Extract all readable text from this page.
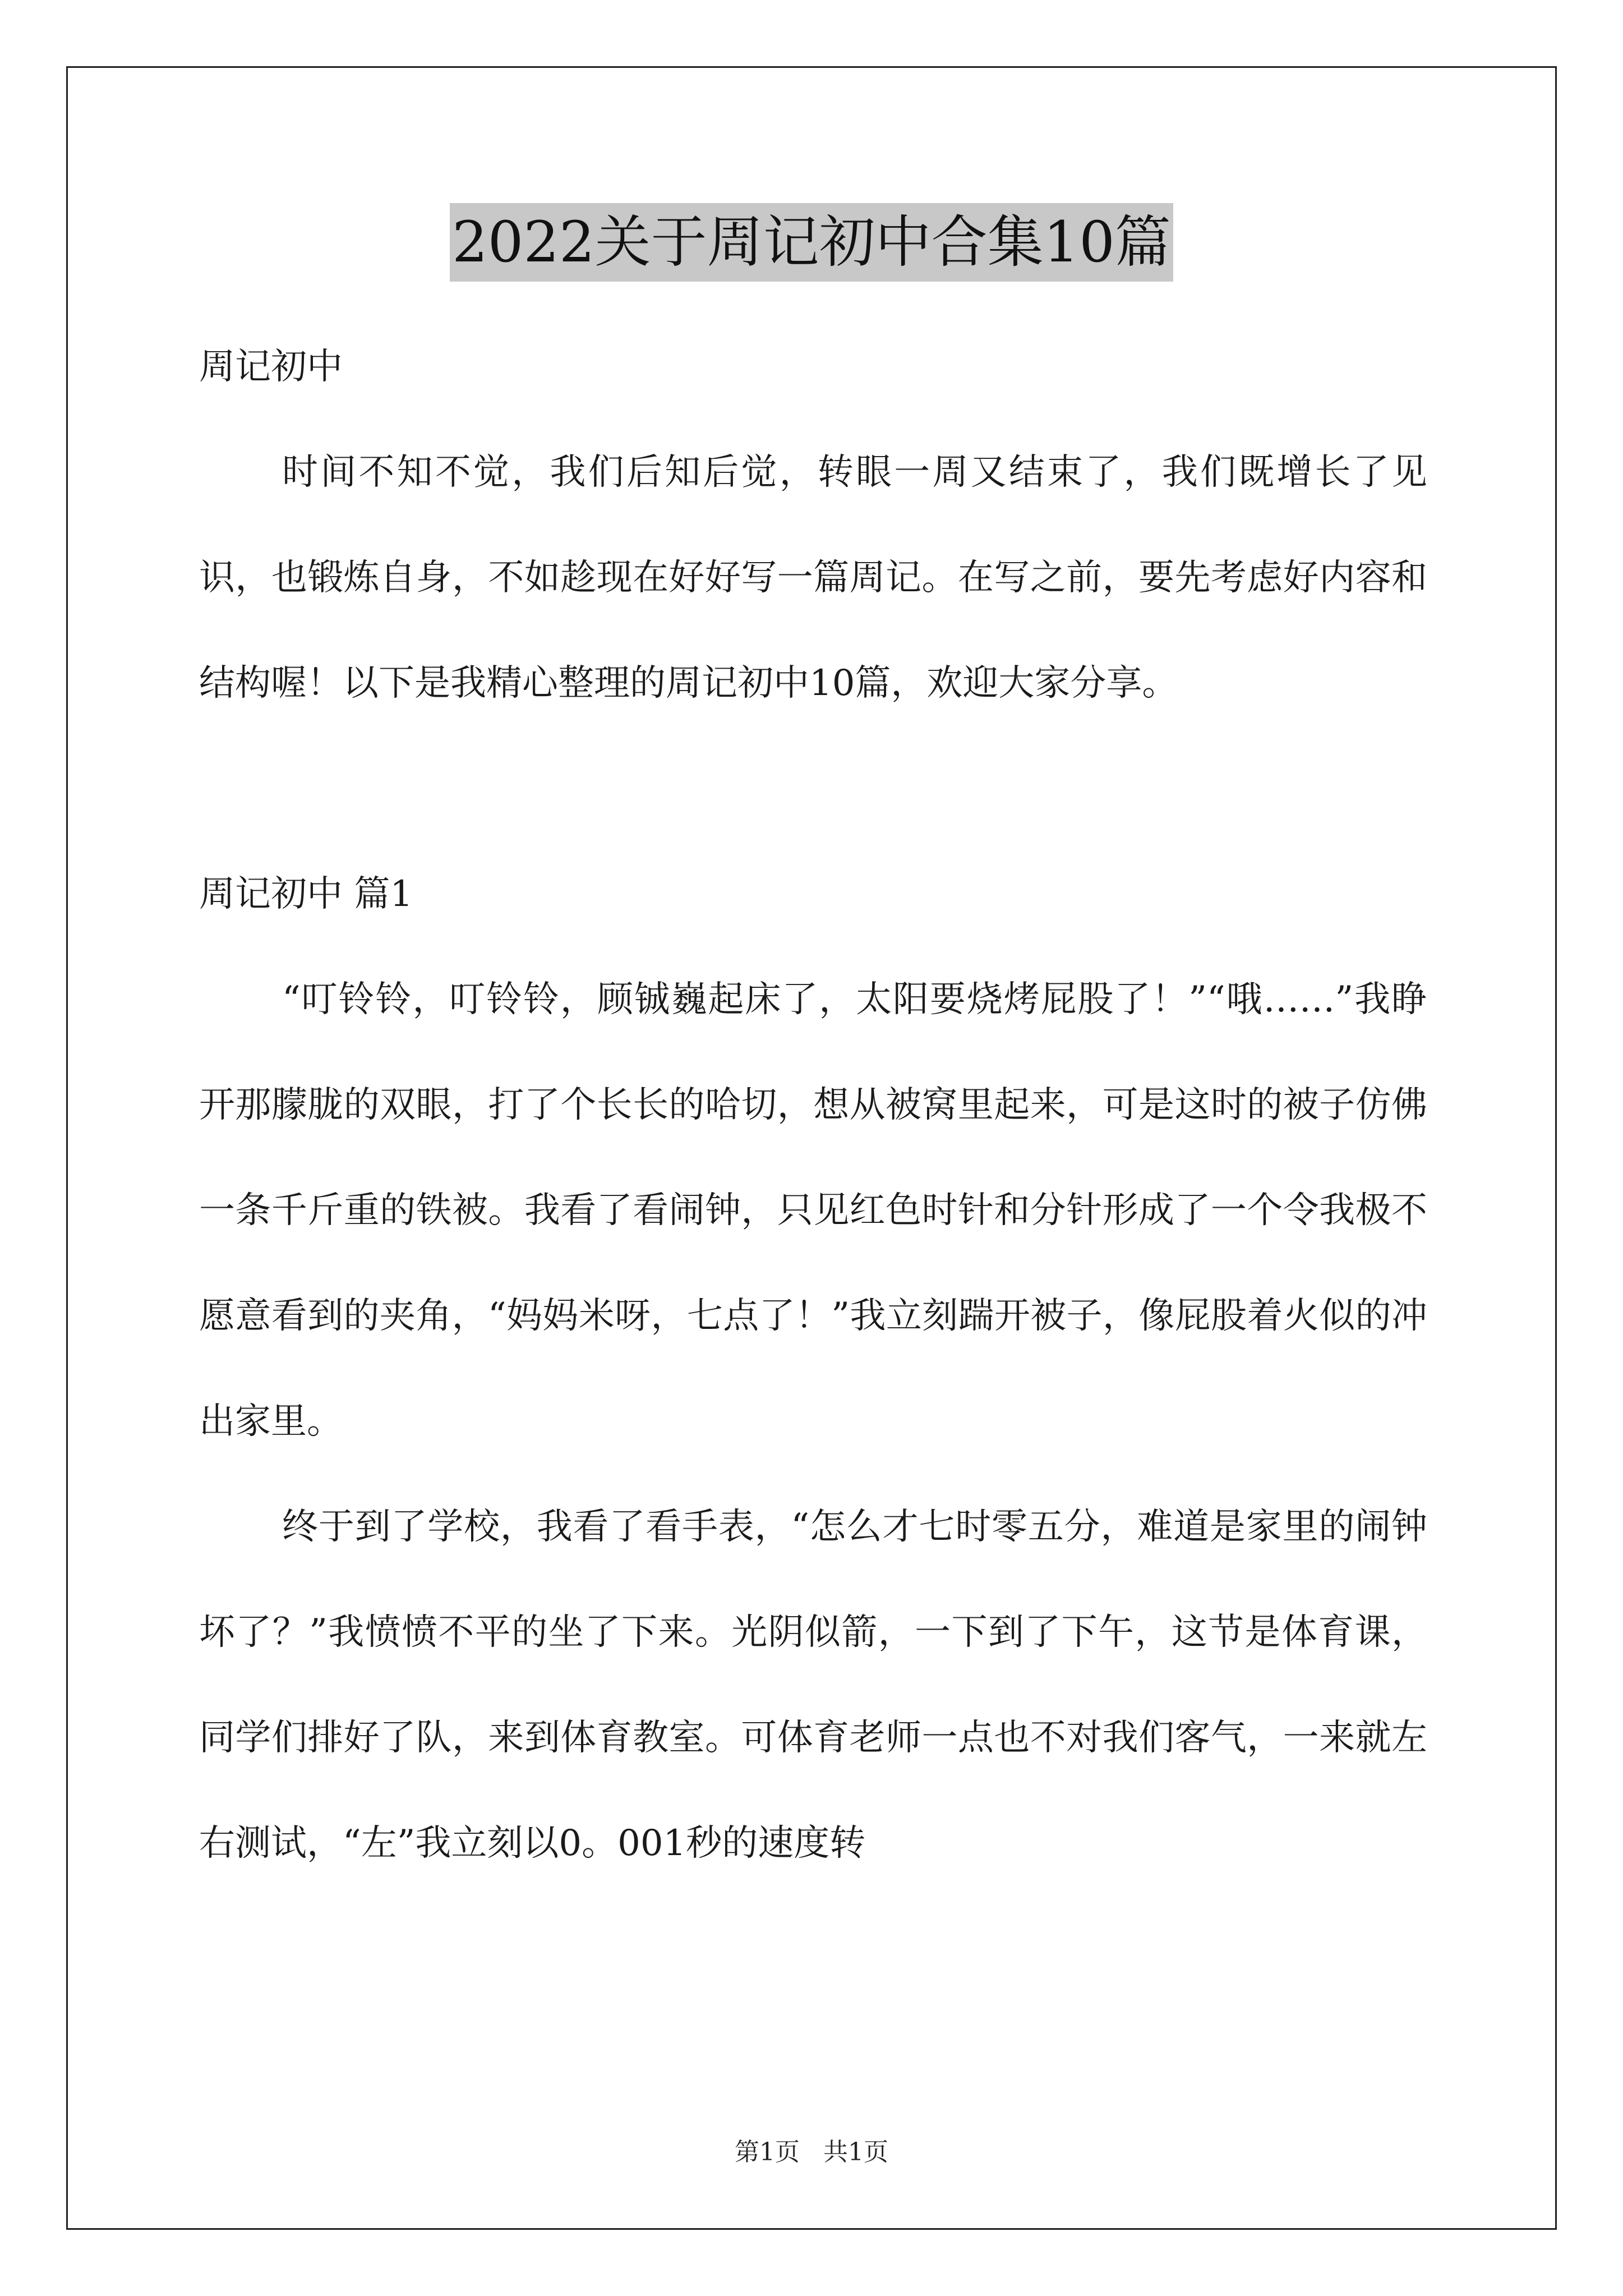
2022关于周记初中合集10篇

周记初中

时间不知不觉，我们后知后觉，转眼一周又结束了，我们既增长了见识，也锻炼自身，不如趁现在好好写一篇周记。在写之前，要先考虑好内容和结构喔！以下是我精心整理的周记初中10篇，欢迎大家分享。

周记初中 篇1

“叮铃铃，叮铃铃，顾铖巍起床了，太阳要烧烤屁股了！”“哦……”我睁开那朦胧的双眼，打了个长长的哈切，想从被窝里起来，可是这时的被子仿佛一条千斤重的铁被。我看了看闹钟，只见红色时针和分针形成了一个令我极不愿意看到的夹角，“妈妈米呀，七点了！”我立刻踹开被子，像屁股着火似的冲出家里。

终于到了学校，我看了看手表，“怎么才七时零五分，难道是家里的闹钟坏了？”我愤愤不平的坐了下来。光阴似箭，一下到了下午，这节是体育课，同学们排好了队，来到体育教室。可体育老师一点也不对我们客气，一来就左右测试，“左”我立刻以0。001秒的速度转

第1页 共1页
